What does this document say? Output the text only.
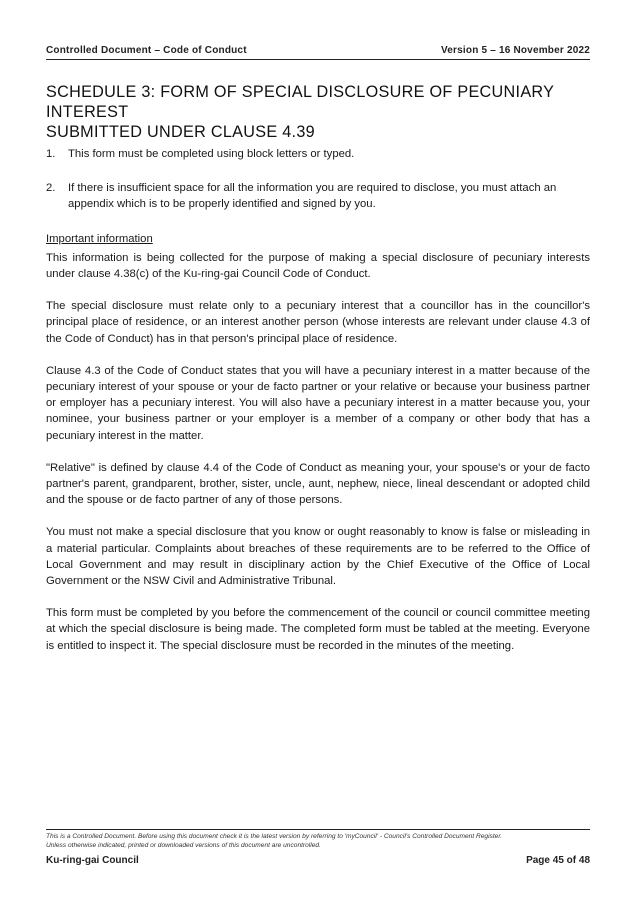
Controlled Document – Code of Conduct	Version 5 – 16 November 2022
SCHEDULE 3: FORM OF SPECIAL DISCLOSURE OF PECUNIARY INTEREST
SUBMITTED UNDER CLAUSE 4.39
1.	This form must be completed using block letters or typed.
2.	If there is insufficient space for all the information you are required to disclose, you must attach an appendix which is to be properly identified and signed by you.
Important information

This information is being collected for the purpose of making a special disclosure of pecuniary interests under clause 4.38(c) of the Ku-ring-gai Council Code of Conduct.

The special disclosure must relate only to a pecuniary interest that a councillor has in the councillor's principal place of residence, or an interest another person (whose interests are relevant under clause 4.3 of the Code of Conduct) has in that person's principal place of residence.

Clause 4.3 of the Code of Conduct states that you will have a pecuniary interest in a matter because of the pecuniary interest of your spouse or your de facto partner or your relative or because your business partner or employer has a pecuniary interest. You will also have a pecuniary interest in a matter because you, your nominee, your business partner or your employer is a member of a company or other body that has a pecuniary interest in the matter.

"Relative" is defined by clause 4.4 of the Code of Conduct as meaning your, your spouse's or your de facto partner's parent, grandparent, brother, sister, uncle, aunt, nephew, niece, lineal descendant or adopted child and the spouse or de facto partner of any of those persons.

You must not make a special disclosure that you know or ought reasonably to know is false or misleading in a material particular. Complaints about breaches of these requirements are to be referred to the Office of Local Government and may result in disciplinary action by the Chief Executive of the Office of Local Government or the NSW Civil and Administrative Tribunal.

This form must be completed by you before the commencement of the council or council committee meeting at which the special disclosure is being made. The completed form must be tabled at the meeting. Everyone is entitled to inspect it. The special disclosure must be recorded in the minutes of the meeting.

This is a Controlled Document. Before using this document check it is the latest version by referring to 'myCouncil' - Council's Controlled Document Register.
Unless otherwise indicated, printed or downloaded versions of this document are uncontrolled.
Ku-ring-gai Council	Page 45 of 48
